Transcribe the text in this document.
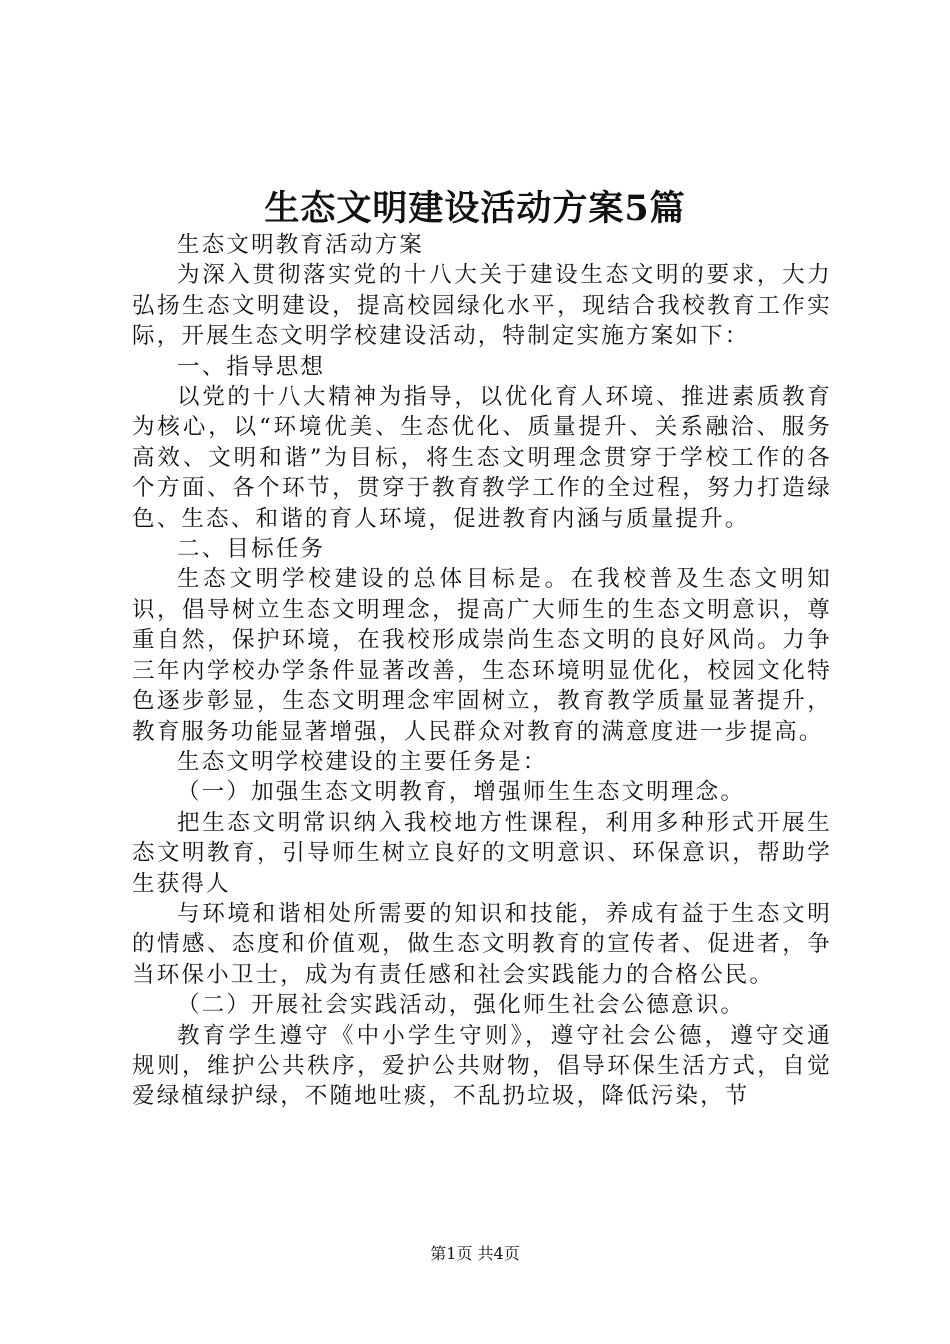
生态文明建设活动方案5篇

生态文明教育活动方案

为深入贯彻落实党的十八大关于建设生态文明的要求，大力弘扬生态文明建设，提高校园绿化水平，现结合我校教育工作实际，开展生态文明学校建设活动，特制定实施方案如下：

一、指导思想

以党的十八大精神为指导，以优化育人环境、推进素质教育为核心，以“环境优美、生态优化、质量提升、关系融洽、服务高效、文明和谐”为目标，将生态文明理念贯穿于学校工作的各个方面、各个环节，贯穿于教育教学工作的全过程，努力打造绿色、生态、和谐的育人环境，促进教育内涵与质量提升。

二、目标任务

生态文明学校建设的总体目标是。在我校普及生态文明知识，倡导树立生态文明理念，提高广大师生的生态文明意识，尊重自然，保护环境，在我校形成崇尚生态文明的良好风尚。力争三年内学校办学条件显著改善，生态环境明显优化，校园文化特色逐步彰显，生态文明理念牢固树立，教育教学质量显著提升，教育服务功能显著增强，人民群众对教育的满意度进一步提高。

生态文明学校建设的主要任务是：

（一）加强生态文明教育，增强师生生态文明理念。

把生态文明常识纳入我校地方性课程，利用多种形式开展生态文明教育，引导师生树立良好的文明意识、环保意识，帮助学生获得人

与环境和谐相处所需要的知识和技能，养成有益于生态文明的情感、态度和价值观，做生态文明教育的宣传者、促进者，争当环保小卫士，成为有责任感和社会实践能力的合格公民。

（二）开展社会实践活动，强化师生社会公德意识。

教育学生遵守《中小学生守则》，遵守社会公德，遵守交通规则，维护公共秩序，爱护公共财物，倡导环保生活方式，自觉爱绿植绿护绿，不随地吐痰，不乱扔垃圾，降低污染，节

第1页 共4页
